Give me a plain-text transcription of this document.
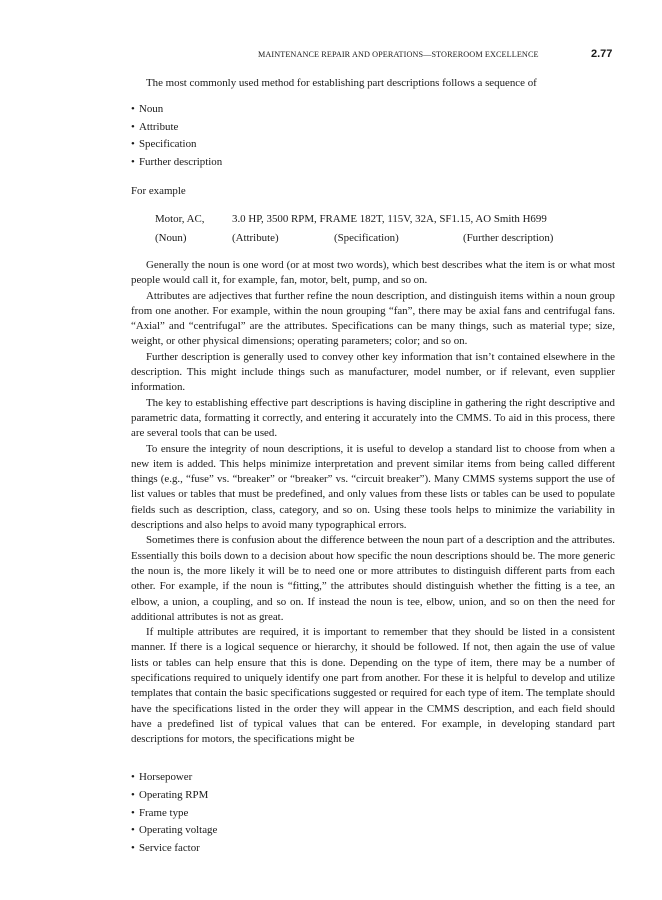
MAINTENANCE REPAIR AND OPERATIONS—STOREROOM EXCELLENCE	2.77

The most commonly used method for establishing part descriptions follows a sequence of

• Noun
• Attribute
• Specification
• Further description

For example

Motor, AC,	3.0 HP, 3500 RPM, FRAME 182T, 115V, 32A, SF1.15, AO Smith H699
(Noun)	(Attribute)	(Specification)	(Further description)

Generally the noun is one word (or at most two words), which best describes what the item is or what most people would call it, for example, fan, motor, belt, pump, and so on.

Attributes are adjectives that further refine the noun description, and distinguish items within a noun group from one another. For example, within the noun grouping “fan”, there may be axial fans and centrifugal fans. “Axial” and “centrifugal” are the attributes. Specifications can be many things, such as material type; size, weight, or other physical dimensions; operating parameters; color; and so on.

Further description is generally used to convey other key information that isn’t contained elsewhere in the description. This might include things such as manufacturer, model number, or if relevant, even supplier information.

The key to establishing effective part descriptions is having discipline in gathering the right descriptive and parametric data, formatting it correctly, and entering it accurately into the CMMS. To aid in this process, there are several tools that can be used.

To ensure the integrity of noun descriptions, it is useful to develop a standard list to choose from when a new item is added. This helps minimize interpretation and prevent similar items from being called different things (e.g., “fuse” vs. “breaker” or “breaker” vs. “circuit breaker”). Many CMMS systems support the use of list values or tables that must be predefined, and only values from these lists or tables can be used to populate fields such as description, class, category, and so on. Using these tools helps to minimize the variability in descriptions and also helps to avoid many typographical errors.

Sometimes there is confusion about the difference between the noun part of a description and the attributes. Essentially this boils down to a decision about how specific the noun descriptions should be. The more generic the noun is, the more likely it will be to need one or more attributes to distinguish different parts from each other. For example, if the noun is “fitting,” the attributes should distinguish whether the fitting is a tee, an elbow, a union, a coupling, and so on. If instead the noun is tee, elbow, union, and so on then the need for additional attributes is not as great.

If multiple attributes are required, it is important to remember that they should be listed in a consistent manner. If there is a logical sequence or hierarchy, it should be followed. If not, then again the use of value lists or tables can help ensure that this is done. Depending on the type of item, there may be a number of specifications required to uniquely identify one part from another. For these it is helpful to develop and utilize templates that contain the basic specifications suggested or required for each type of item. The template should have the specifications listed in the order they will appear in the CMMS description, and each field should have a predefined list of typical values that can be entered. For example, in developing standard part descriptions for motors, the specifications might be

• Horsepower
• Operating RPM
• Frame type
• Operating voltage
• Service factor
